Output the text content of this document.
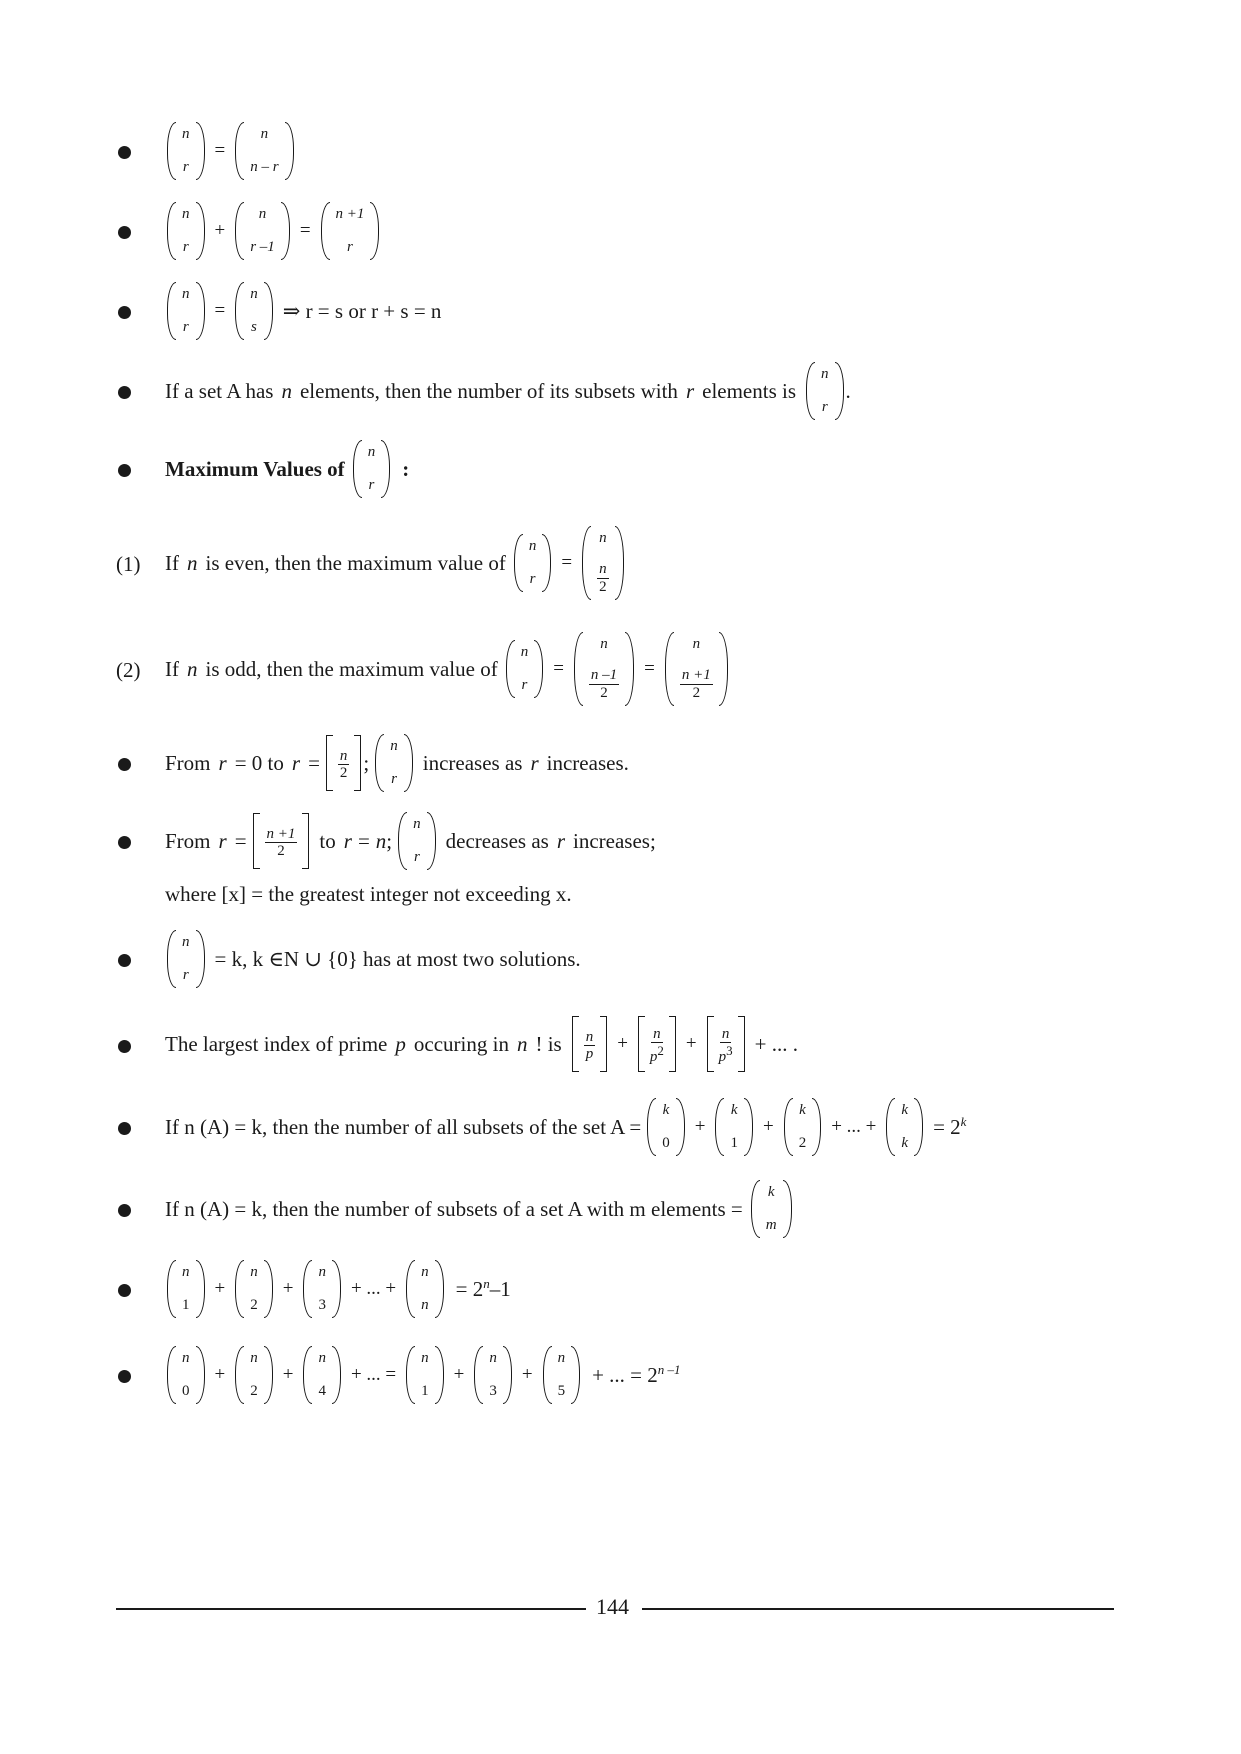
n
r
=
n
n – r
n
r
+
n
r –1
=
n +1
r
n
r
=
n
s
⇒ r = s or r + s = n
If a set A has n elements, then the number of its subsets with r elements is
n
r
.
Maximum Values of
n
r
:
(1) If n is even, then the maximum value of
n
r
=
n
$\frac{n}{2}$
(2) If n is odd, then the maximum value of
n
r
=
n
$\frac{n -1}{2}$ =
n
$\frac{n +1}{2}$
From r = 0 to $r = \frac{n}{2}$ ;
n
r
increases as r increases.
From $r = \frac{n +1}{2}$ to r = n ;
n
r
decreases as r increases;
where [x] = the greatest integer not exceeding x.
n
r
= k, k ∈N ∪ {0} has at most two solutions.
The largest index of prime p occuring in n ! is $\frac{n}{p} + \frac{n}{p2} + \frac{n}{p3}$ + ... .
If n (A) = k, then the number of all subsets of the set A =
k
0
+
k
1
+
k
2
+ ... +
k
k
= $2^k$
If n (A) = k, then the number of subsets of a set A with m elements =
k
m
n
1
+
n
2
+
n
3
+ ... +
n
n
= $2^n-1$
n
0
+
n
2
+
n
4
+ ... =
n
1
+
n
3
+
n
5
+ ... = $2^{n -1}$
144
